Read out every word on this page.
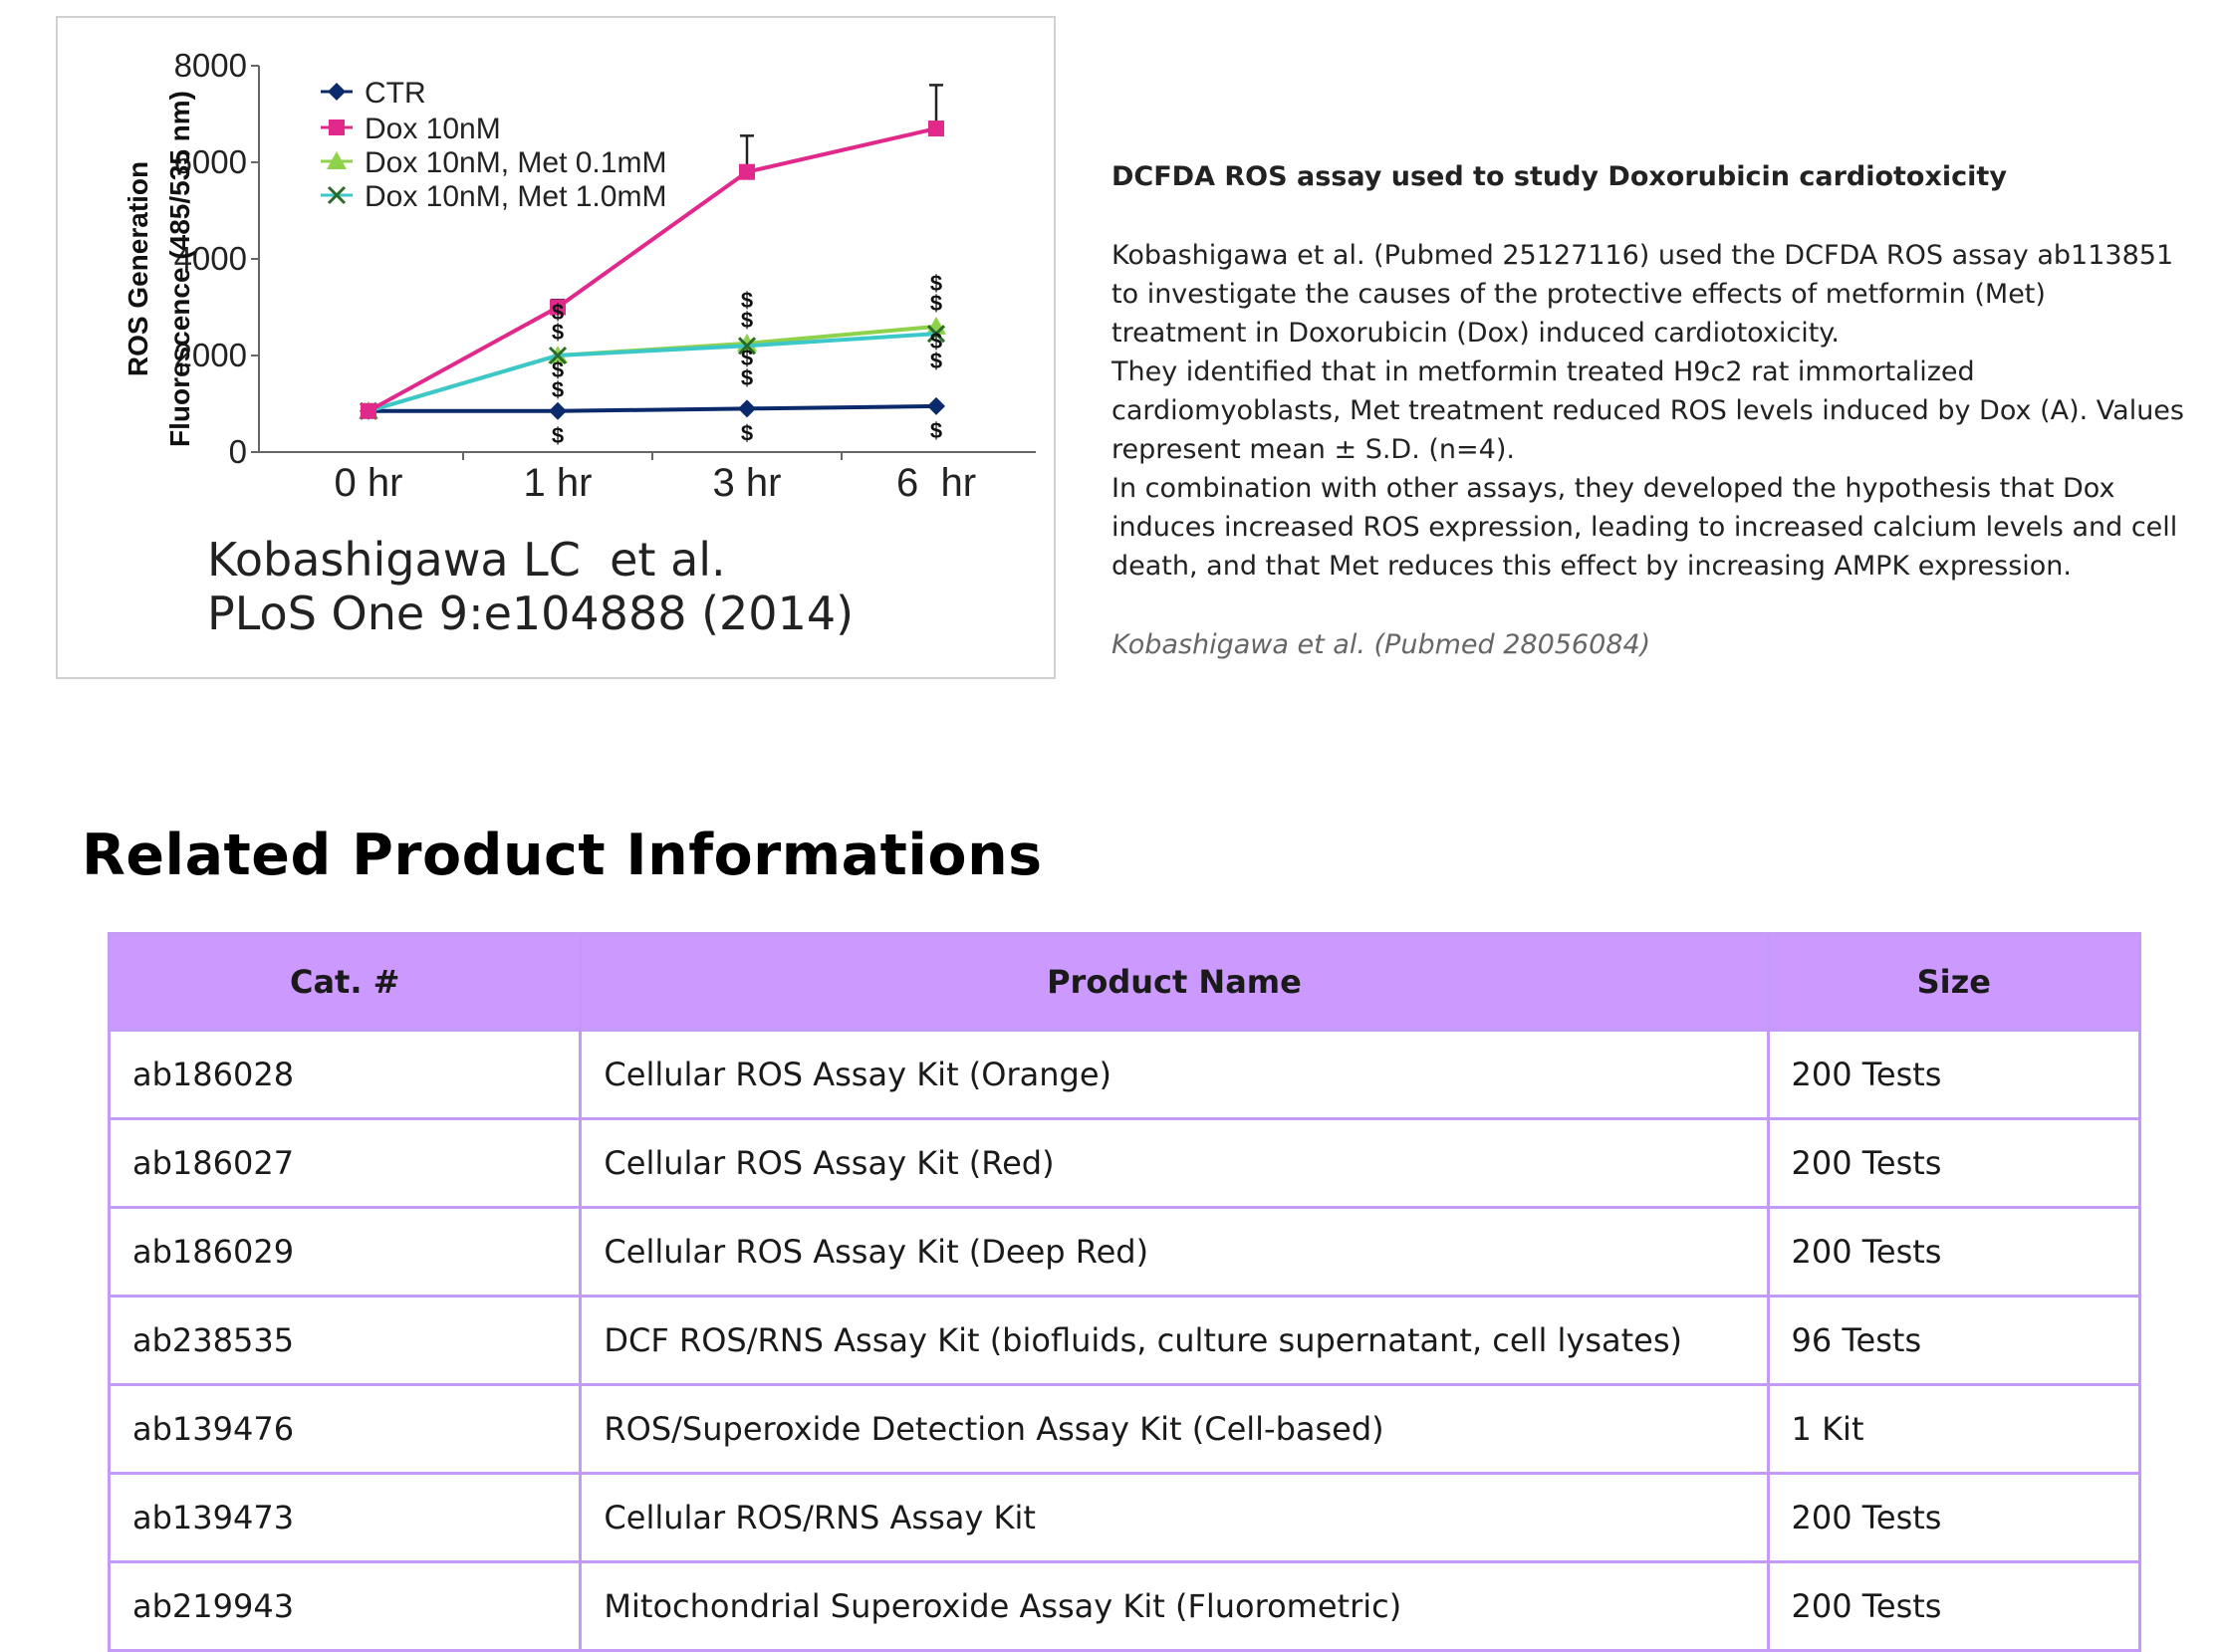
0
2000
4000
6000
8000
0 hr	1 hr	3 hr	6  hr
ROS Generation Fluorescence (485/535 nm)	$
$
$
$
$
$
$
$
$
$
$
$
$
$
$
CTR
Dox 10nM
Dox 10nM, Met 0.1mM
Dox 10nM, Met 1.0mM
Kobashigawa LC  et al.
PLoS One 9:e104888 (2014)

DCFDA ROS assay used to study Doxorubicin cardiotoxicity

Kobashigawa et al. (Pubmed 25127116) used the DCFDA ROS assay ab113851 to investigate the causes of the protective effects of metformin (Met) treatment in Doxorubicin (Dox) induced cardiotoxicity.

They identified that in metformin treated H9c2 rat immortalized cardiomyoblasts, Met treatment reduced ROS levels induced by Dox (A). Values represent mean ± S.D. (n=4).

In combination with other assays, they developed the hypothesis that Dox induces increased ROS expression, leading to increased calcium levels and cell death, and that Met reduces this effect by increasing AMPK expression.

Kobashigawa et al. (Pubmed 28056084)

Related Product Informations
Cat. #	Product Name	Size
ab186028	Cellular ROS Assay Kit (Orange)	200 Tests
ab186027	Cellular ROS Assay Kit (Red)	200 Tests
ab186029	Cellular ROS Assay Kit (Deep Red)	200 Tests
ab238535	DCF ROS/RNS Assay Kit (biofluids, culture supernatant, cell lysates)	96 Tests
ab139476	ROS/Superoxide Detection Assay Kit (Cell-based)	1 Kit
ab139473	Cellular ROS/RNS Assay Kit	200 Tests
ab219943	Mitochondrial Superoxide Assay Kit (Fluorometric)	200 Tests
